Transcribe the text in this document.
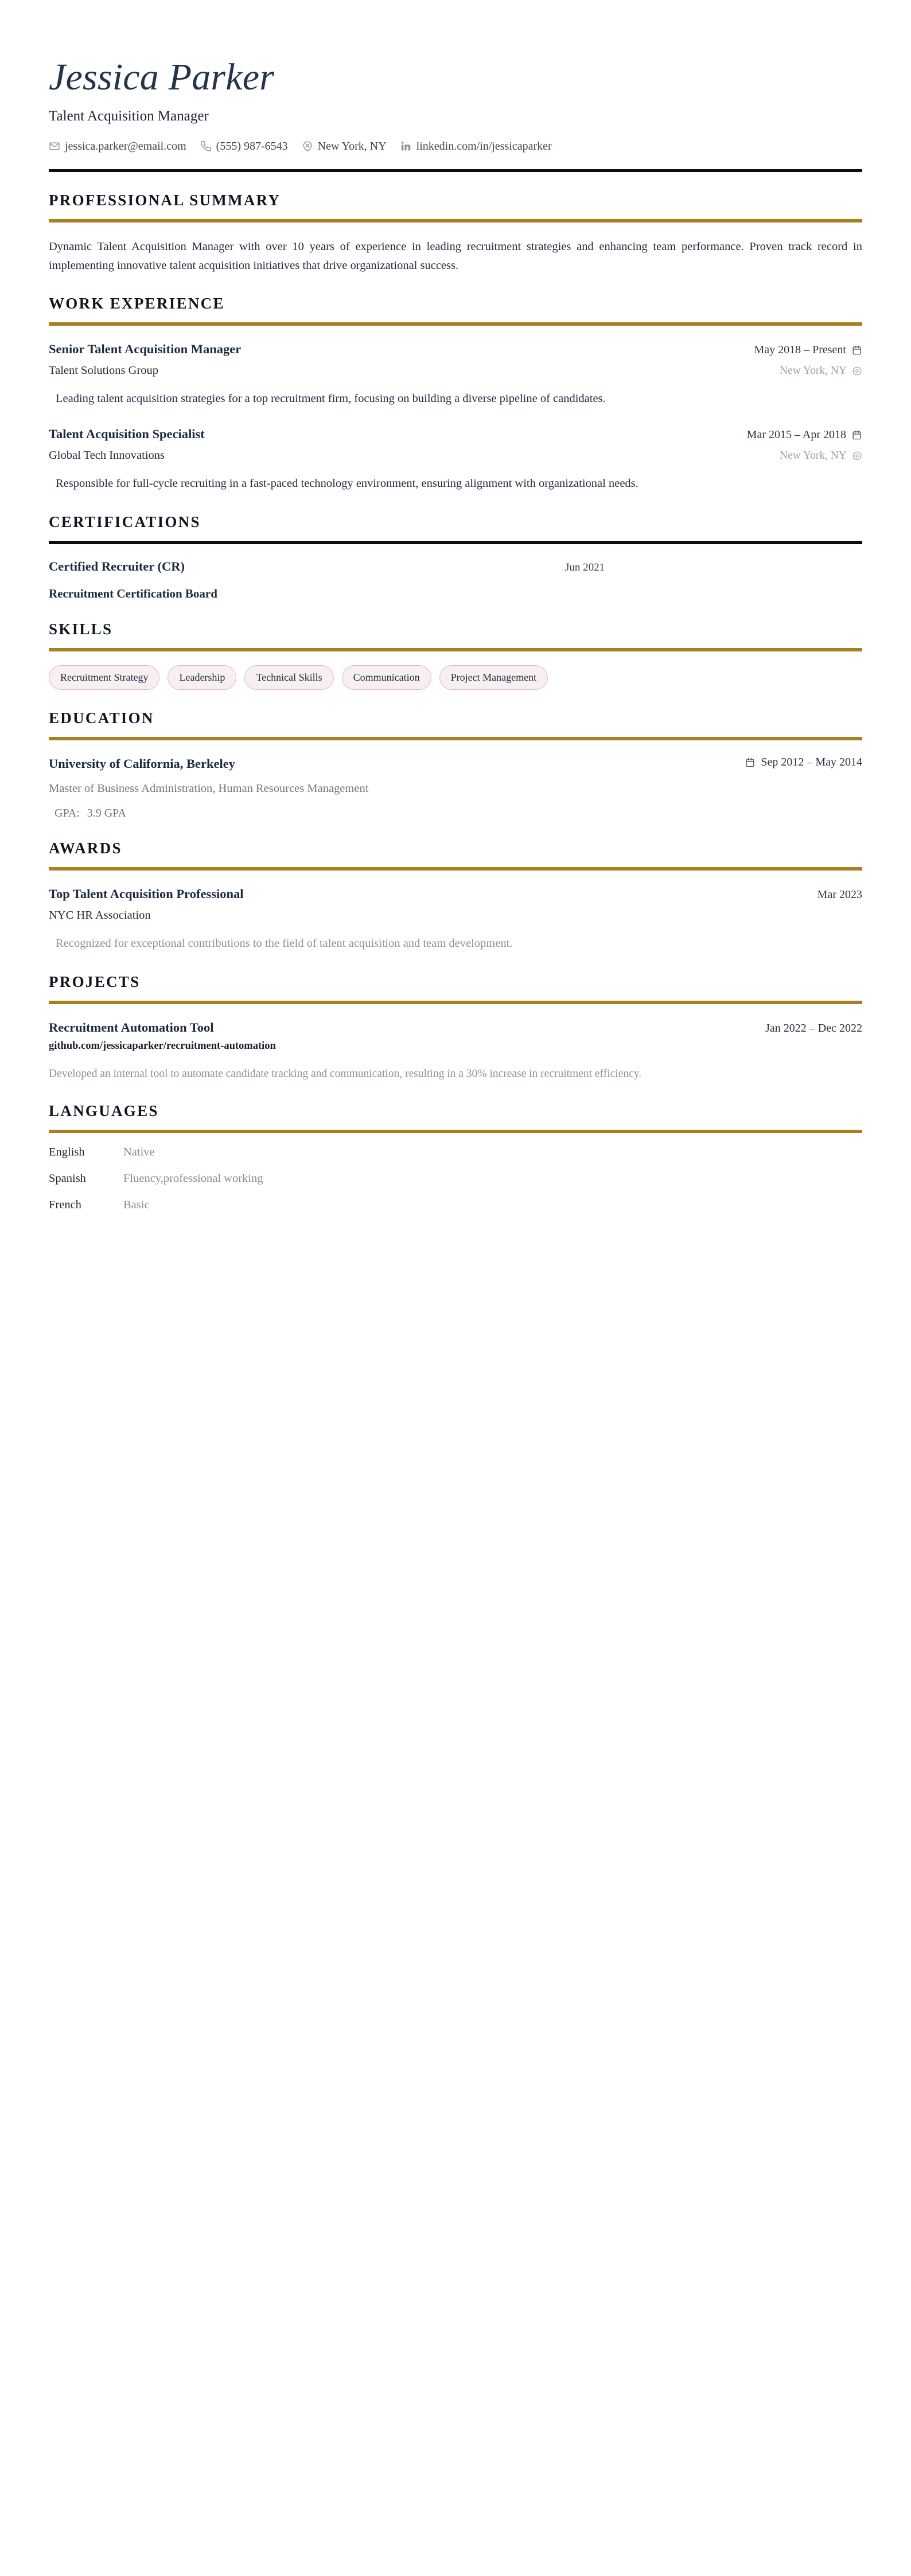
Jessica Parker
Talent Acquisition Manager
jessica.parker@email.com	(555) 987-6543	New York, NY	linkedin.com/in/jessicaparker
PROFESSIONAL SUMMARY
Dynamic Talent Acquisition Manager with over 10 years of experience in leading recruitment strategies and enhancing team performance. Proven track record in implementing innovative talent acquisition initiatives that drive organizational success.
WORK EXPERIENCE
Senior Talent Acquisition Manager	May 2018 – Present
Talent Solutions Group	New York, NY
Leading talent acquisition strategies for a top recruitment firm, focusing on building a diverse pipeline of candidates.
Talent Acquisition Specialist	Mar 2015 – Apr 2018
Global Tech Innovations	New York, NY
Responsible for full-cycle recruiting in a fast-paced technology environment, ensuring alignment with organizational needs.
CERTIFICATIONS
Certified Recruiter (CR)	Jun 2021
Recruitment Certification Board
SKILLS
Recruitment Strategy	Leadership	Technical Skills	Communication	Project Management
EDUCATION
University of California, Berkeley	Sep 2012 – May 2014
Master of Business Administration, Human Resources Management
GPA: 3.9 GPA
AWARDS
Top Talent Acquisition Professional	Mar 2023
NYC HR Association
Recognized for exceptional contributions to the field of talent acquisition and team development.
PROJECTS
Recruitment Automation Tool	Jan 2022 – Dec 2022
github.com/jessicaparker/recruitment-automation
Developed an internal tool to automate candidate tracking and communication, resulting in a 30% increase in recruitment efficiency.
LANGUAGES
English	Native
Spanish	Fluency,professional working
French	Basic
